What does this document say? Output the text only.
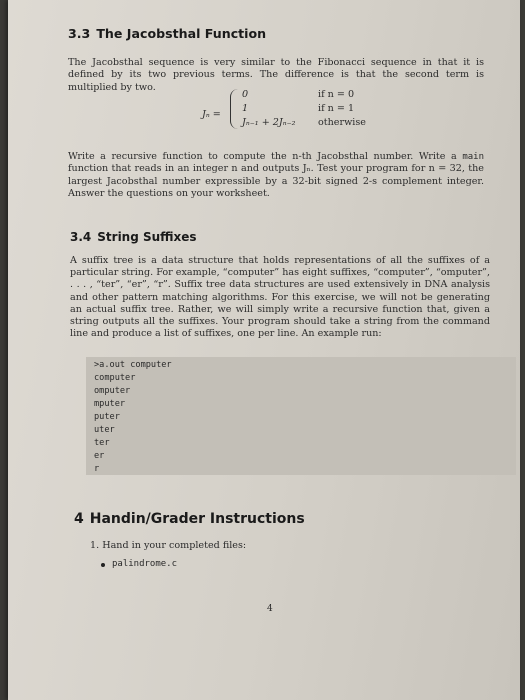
3.3 The Jacobsthal Function

The Jacobsthal sequence is very similar to the Fibonacci sequence in that it is defined by its two previous terms. The difference is that the second term is multiplied by two.

Jₙ =
0	if n = 0
1	if n = 1
Jₙ₋₁ + 2Jₙ₋₂ otherwise

Write a recursive function to compute the n-th Jacobsthal number. Write a main function that reads in an integer n and outputs Jₙ. Test your program for n = 32, the largest Jacobsthal number expressible by a 32-bit signed 2-s complement integer. Answer the questions on your worksheet.

3.4 String Suffixes

A suffix tree is a data structure that holds representations of all the suffixes of a particular string. For example, “computer” has eight suffixes, “computer”, “omputer”, . . . , “ter”, “er”, “r”. Suffix tree data structures are used extensively in DNA analysis and other pattern matching algorithms. For this exercise, we will not be generating an actual suffix tree. Rather, we will simply write a recursive function that, given a string outputs all the suffixes. Your program should take a string from the command line and produce a list of suffixes, one per line. An example run:

>a.out computer
computer
omputer
mputer
puter
uter
ter
er
r
4 Handin/Grader Instructions

1. Hand in your completed files:

palindrome.c
4
